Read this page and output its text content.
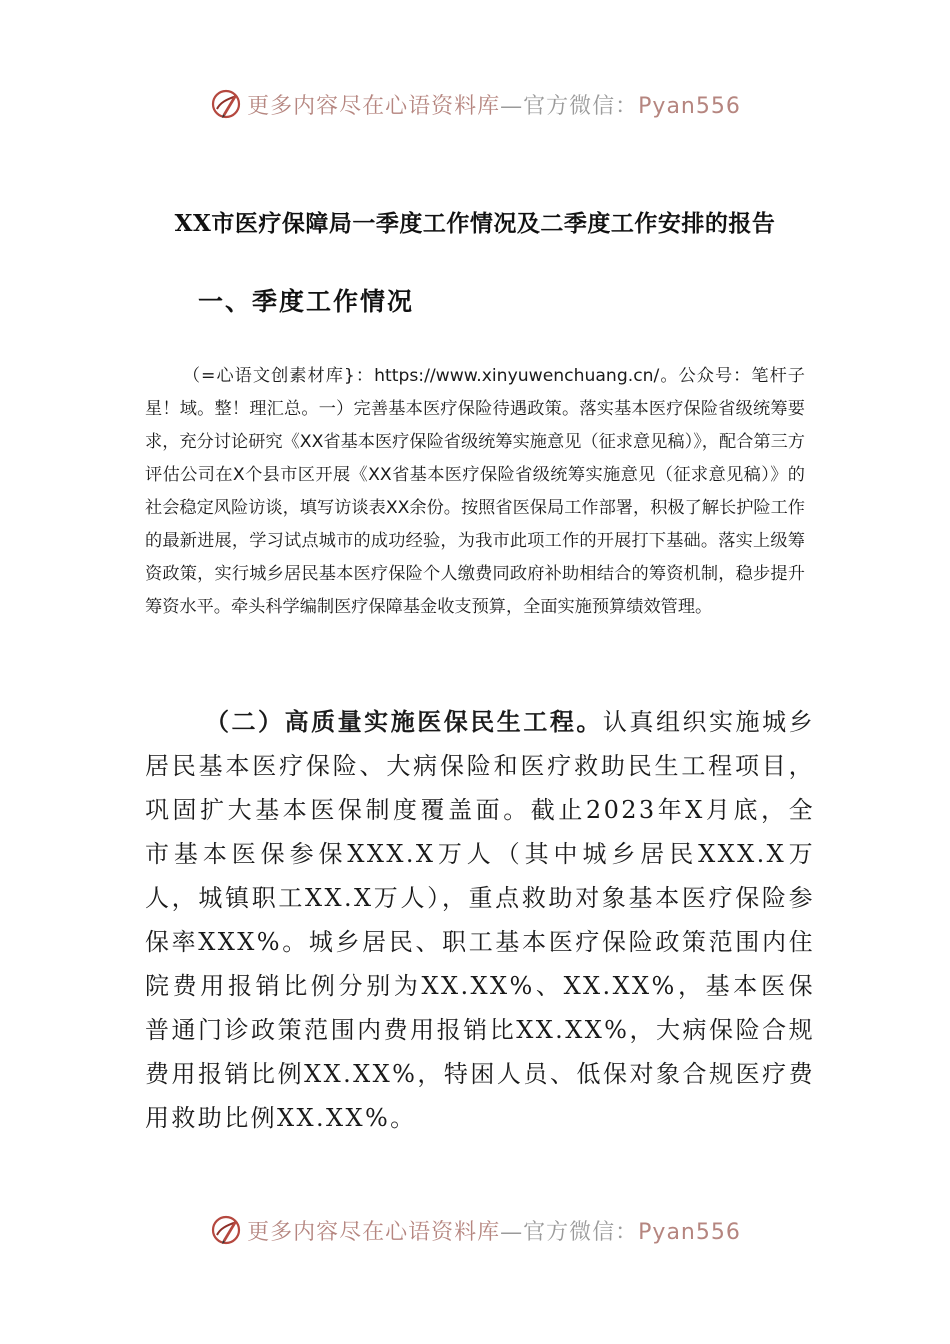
更多内容尽在心语资料库—官方微信：Pyan556
XX市医疗保障局一季度工作情况及二季度工作安排的报告
一、季度工作情况
（=心语文创素材库}：https://www.xinyuwenchuang.cn/。公众号：笔杆子星！域。整！理汇总。一）完善基本医疗保险待遇政策。落实基本医疗保险省级统筹要求，充分讨论研究《XX省基本医疗保险省级统筹实施意见（征求意见稿）》，配合第三方评估公司在X个县市区开展《XX省基本医疗保险省级统筹实施意见（征求意见稿）》的社会稳定风险访谈，填写访谈表XX余份。按照省医保局工作部署，积极了解长护险工作的最新进展，学习试点城市的成功经验，为我市此项工作的开展打下基础。落实上级筹资政策，实行城乡居民基本医疗保险个人缴费同政府补助相结合的筹资机制，稳步提升筹资水平。牵头科学编制医疗保障基金收支预算，全面实施预算绩效管理。
（二）高质量实施医保民生工程。认真组织实施城乡居民基本医疗保险、大病保险和医疗救助民生工程项目，巩固扩大基本医保制度覆盖面。截止2023年X月底，全市基本医保参保XXX.X万人（其中城乡居民XXX.X万人，城镇职工XX.X万人），重点救助对象基本医疗保险参保率XXX%。城乡居民、职工基本医疗保险政策范围内住院费用报销比例分别为XX.XX%、XX.XX%，基本医保普通门诊政策范围内费用报销比XX.XX%，大病保险合规费用报销比例XX.XX%，特困人员、低保对象合规医疗费用救助比例XX.XX%。
更多内容尽在心语资料库—官方微信：Pyan556
